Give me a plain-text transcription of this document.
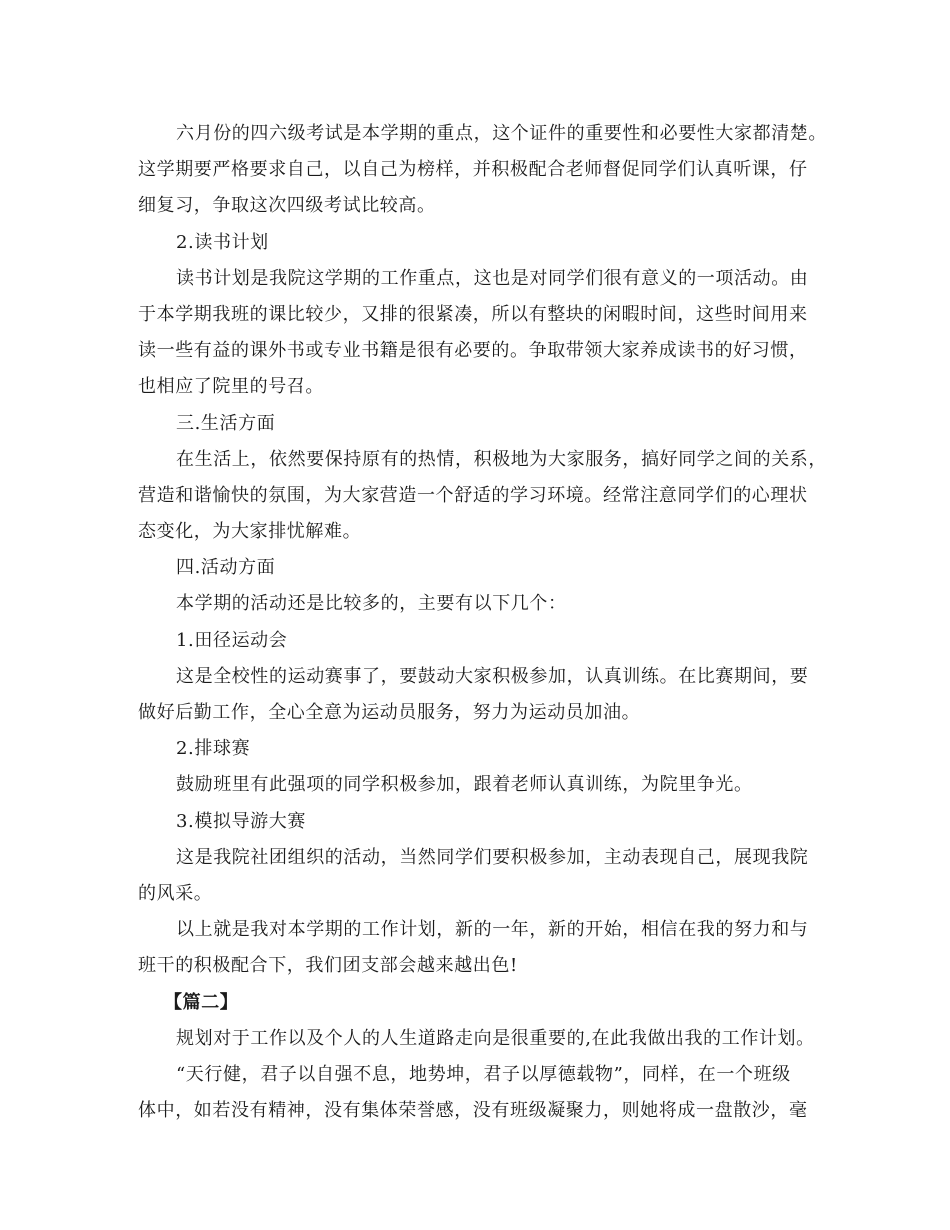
六月份的四六级考试是本学期的重点，这个证件的重要性和必要性大家都清楚。
这学期要严格要求自己，以自己为榜样，并积极配合老师督促同学们认真听课，仔
细复习，争取这次四级考试比较高。
2.读书计划
读书计划是我院这学期的工作重点，这也是对同学们很有意义的一项活动。由
于本学期我班的课比较少，又排的很紧凑，所以有整块的闲暇时间，这些时间用来
读一些有益的课外书或专业书籍是很有必要的。争取带领大家养成读书的好习惯，
也相应了院里的号召。
三.生活方面
在生活上，依然要保持原有的热情，积极地为大家服务，搞好同学之间的关系，
营造和谐愉快的氛围，为大家营造一个舒适的学习环境。经常注意同学们的心理状
态变化，为大家排忧解难。
四.活动方面
本学期的活动还是比较多的，主要有以下几个：
1.田径运动会
这是全校性的运动赛事了，要鼓动大家积极参加，认真训练。在比赛期间，要
做好后勤工作，全心全意为运动员服务，努力为运动员加油。
2.排球赛
鼓励班里有此强项的同学积极参加，跟着老师认真训练，为院里争光。
3.模拟导游大赛
这是我院社团组织的活动，当然同学们要积极参加，主动表现自己，展现我院
的风采。
以上就是我对本学期的工作计划，新的一年，新的开始，相信在我的努力和与
班干的积极配合下，我们团支部会越来越出色!
【篇二】
规划对于工作以及个人的人生道路走向是很重要的,在此我做出我的工作计划。
“天行健，君子以自强不息，地势坤，君子以厚德载物”，同样，在一个班级
体中，如若没有精神，没有集体荣誉感，没有班级凝聚力，则她将成一盘散沙，毫
